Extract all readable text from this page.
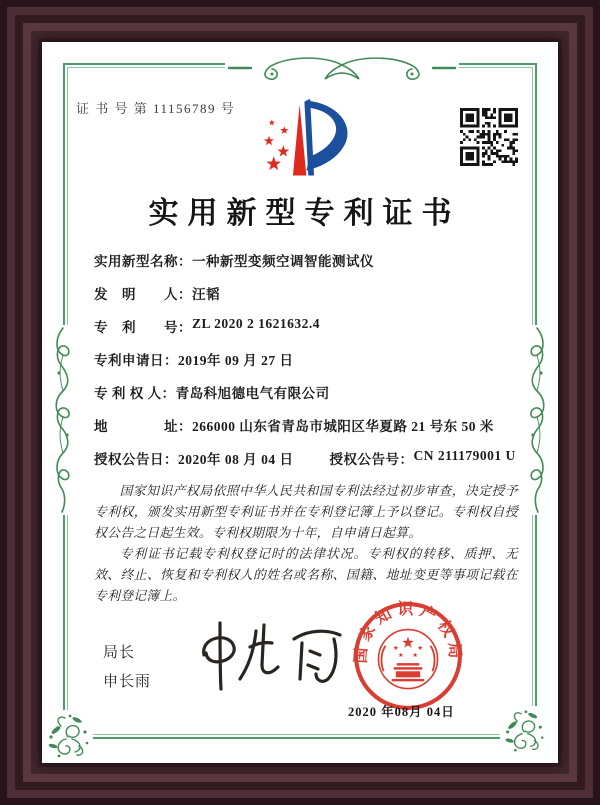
证 书 号 第 11156789 号
实用新型专利证书
实用新型名称： 一种新型变频空调智能测试仪
发　明　　人： 汪韬
专　利　　号： ZL 2020 2 1621632.4
专利申请日： 2019年 09 月 27 日
专 利 权 人： 青岛科旭德电气有限公司
地　　　　址： 266000 山东省青岛市城阳区华夏路 21 号东 50 米
授权公告日： 2020年 08 月 04 日	授权公告号： CN 211179001 U

国家知识产权局依照中华人民共和国专利法经过初步审查，决定授予专利权，颁发实用新型专利证书并在专利登记簿上予以登记。专利权自授权公告之日起生效。专利权期限为十年，自申请日起算。

专利证书记载专利权登记时的法律状况。专利权的转移、质押、无效、终止、恢复和专利权人的姓名或名称、国籍、地址变更等事项记载在专利登记簿上。

局长
申长雨
国家知识产权局
2020 年08月 04日
